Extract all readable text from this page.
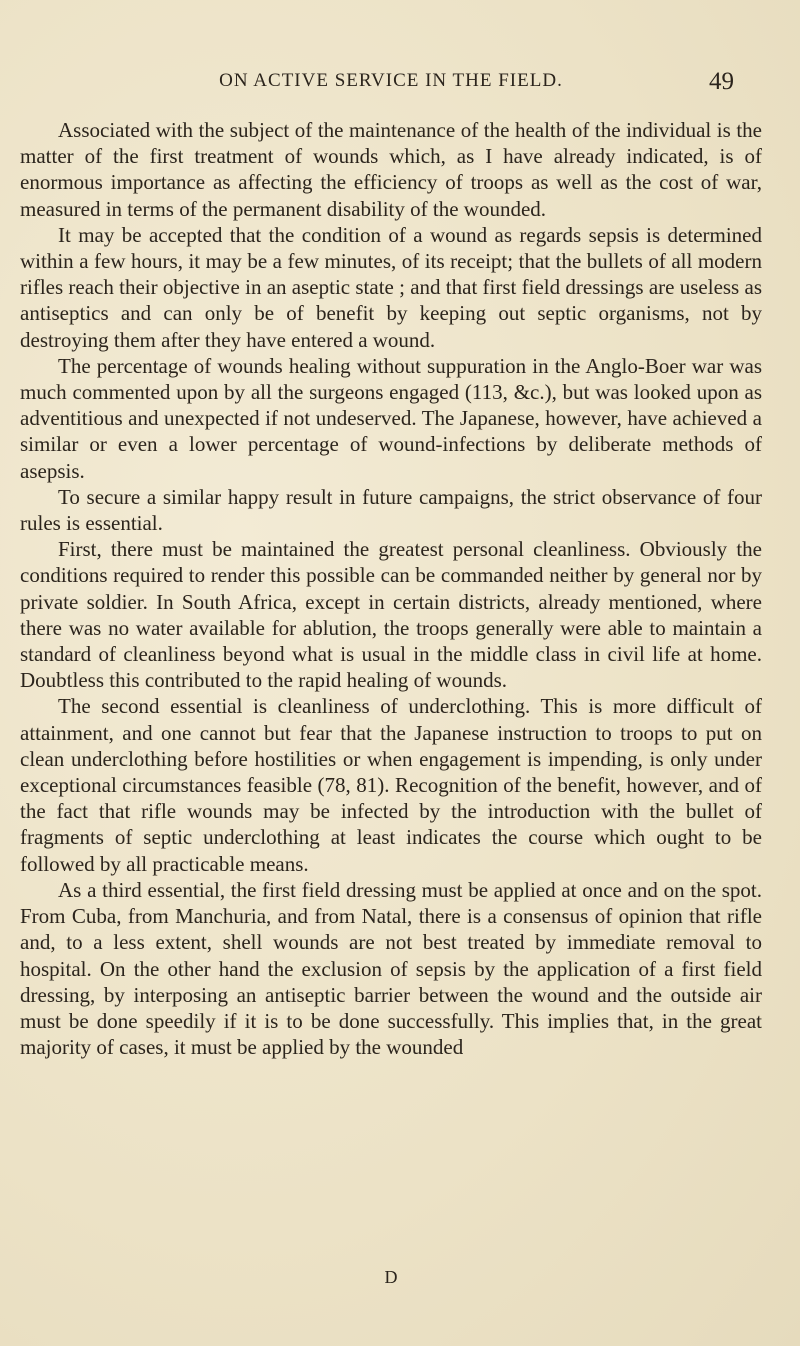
ON ACTIVE SERVICE IN THE FIELD.	49

Associated with the subject of the maintenance of the health of the individual is the matter of the first treatment of wounds which, as I have already indicated, is of enormous importance as affecting the efficiency of troops as well as the cost of war, measured in terms of the permanent disability of the wounded.

It may be accepted that the condition of a wound as regards sepsis is determined within a few hours, it may be a few minutes, of its receipt; that the bullets of all modern rifles reach their objective in an aseptic state ; and that first field dressings are useless as antiseptics and can only be of benefit by keeping out septic organisms, not by destroying them after they have entered a wound.

The percentage of wounds healing without suppuration in the Anglo-Boer war was much commented upon by all the surgeons engaged (113, &c.), but was looked upon as adventitious and unexpected if not undeserved. The Japanese, however, have achieved a similar or even a lower percentage of wound-infections by deliberate methods of asepsis.

To secure a similar happy result in future campaigns, the strict observance of four rules is essential.

First, there must be maintained the greatest personal cleanliness. Obviously the conditions required to render this possible can be commanded neither by general nor by private soldier. In South Africa, except in certain districts, already mentioned, where there was no water available for ablution, the troops generally were able to maintain a standard of cleanliness beyond what is usual in the middle class in civil life at home. Doubtless this contributed to the rapid healing of wounds.

The second essential is cleanliness of underclothing. This is more difficult of attainment, and one cannot but fear that the Japanese instruction to troops to put on clean underclothing before hostilities or when engagement is impending, is only under exceptional circumstances feasible (78, 81). Recognition of the benefit, however, and of the fact that rifle wounds may be infected by the introduction with the bullet of fragments of septic underclothing at least indicates the course which ought to be followed by all practicable means.

As a third essential, the first field dressing must be applied at once and on the spot. From Cuba, from Manchuria, and from Natal, there is a consensus of opinion that rifle and, to a less extent, shell wounds are not best treated by immediate removal to hospital. On the other hand the exclusion of sepsis by the application of a first field dressing, by interposing an antiseptic barrier between the wound and the outside air must be done speedily if it is to be done successfully. This implies that, in the great majority of cases, it must be applied by the wounded

D
